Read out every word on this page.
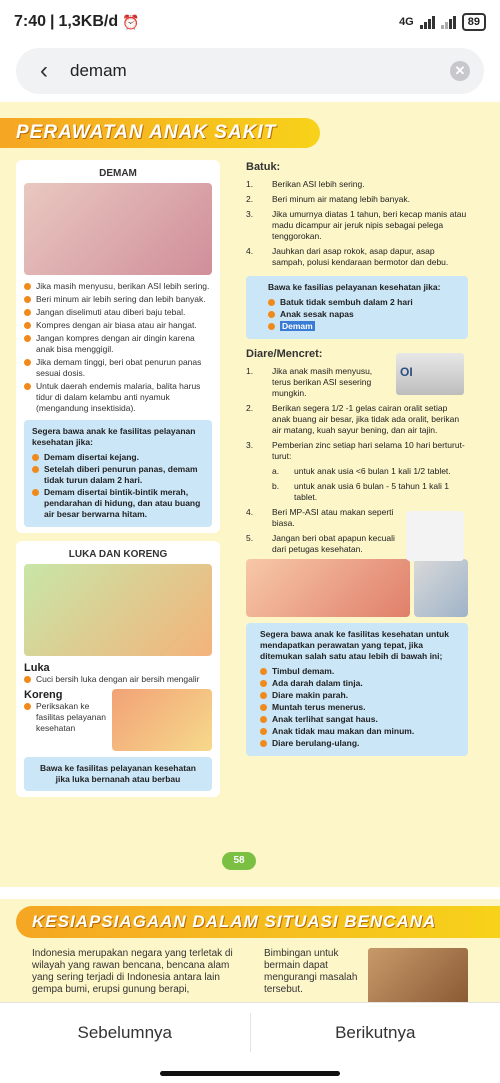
7:40 | 1,3KB/d ⏰	4G	89
‹
demam	✕
PERAWATAN ANAK SAKIT
DEMAM
Jika masih menyusu, berikan ASI lebih sering.
Beri minum air lebih sering dan lebih banyak.
Jangan diselimuti atau diberi baju tebal.
Kompres dengan air biasa atau air hangat.
Jangan kompres dengan air dingin karena anak bisa menggigil.
Jika demam tinggi, beri obat penurun panas sesuai dosis.
Untuk daerah endemis malaria, balita harus tidur di dalam kelambu anti nyamuk (mengandung insektisida).
Segera bawa anak ke fasilitas pelayanan kesehatan jika:
Demam disertai kejang.
Setelah diberi penurun panas, demam tidak turun dalam 2 hari.
Demam disertai bintik-bintik merah, pendarahan di hidung, dan atau buang air besar berwarna hitam.
LUKA DAN KORENG
Luka
Cuci bersih luka dengan air bersih mengalir
Koreng
Periksakan ke fasilitas pelayanan kesehatan
Bawa ke fasilitas pelayanan kesehatan jika luka bernanah atau berbau
Batuk:
1.	Berikan ASI lebih sering.
2.	Beri minum air matang lebih banyak.
3.	Jika umurnya diatas 1 tahun, beri kecap manis atau madu dicampur air jeruk nipis sebagai pelega tenggorokan.
4.	Jauhkan dari asap rokok, asap dapur, asap sampah, polusi kendaraan bermotor dan debu.
Bawa ke fasilias pelayanan kesehatan jika:
Batuk tidak sembuh dalam 2 hari
Anak sesak napas
Demam
Diare/Mencret:
OI
1.	Jika anak masih menyusu, terus berikan ASI sesering mungkin.
2.	Berikan segera 1/2 -1 gelas cairan oralit setiap anak buang air besar, jika tidak ada oralit, berikan air matang, kuah sayur bening, dan air tajin.
3.	Pemberian zinc setiap hari selama 10 hari berturut-turut:
a.	untuk anak usia <6 bulan 1 kali 1/2 tablet.
b.	untuk anak usia 6 bulan - 5 tahun 1 kali 1 tablet.
4.	Beri MP-ASI atau makan seperti biasa.
5.	Jangan beri obat apapun kecuali dari petugas kesehatan.
Segera bawa anak ke fasilitas kesehatan untuk mendapatkan perawatan yang tepat, jika ditemukan salah satu atau lebih di bawah ini;
Timbul demam.
Ada darah dalam tinja.
Diare makin parah.
Muntah terus menerus.
Anak terlihat sangat haus.
Anak tidak mau makan dan minum.
Diare berulang-ulang.
58
KESIAPSIAGAAN DALAM SITUASI BENCANA
Indonesia merupakan negara yang terletak di wilayah yang rawan bencana, bencana alam yang sering terjadi di Indonesia antara lain gempa bumi, erupsi gunung berapi,
Bimbingan untuk bermain dapat mengurangi masalah tersebut.
Sebelumnya	Berikutnya
